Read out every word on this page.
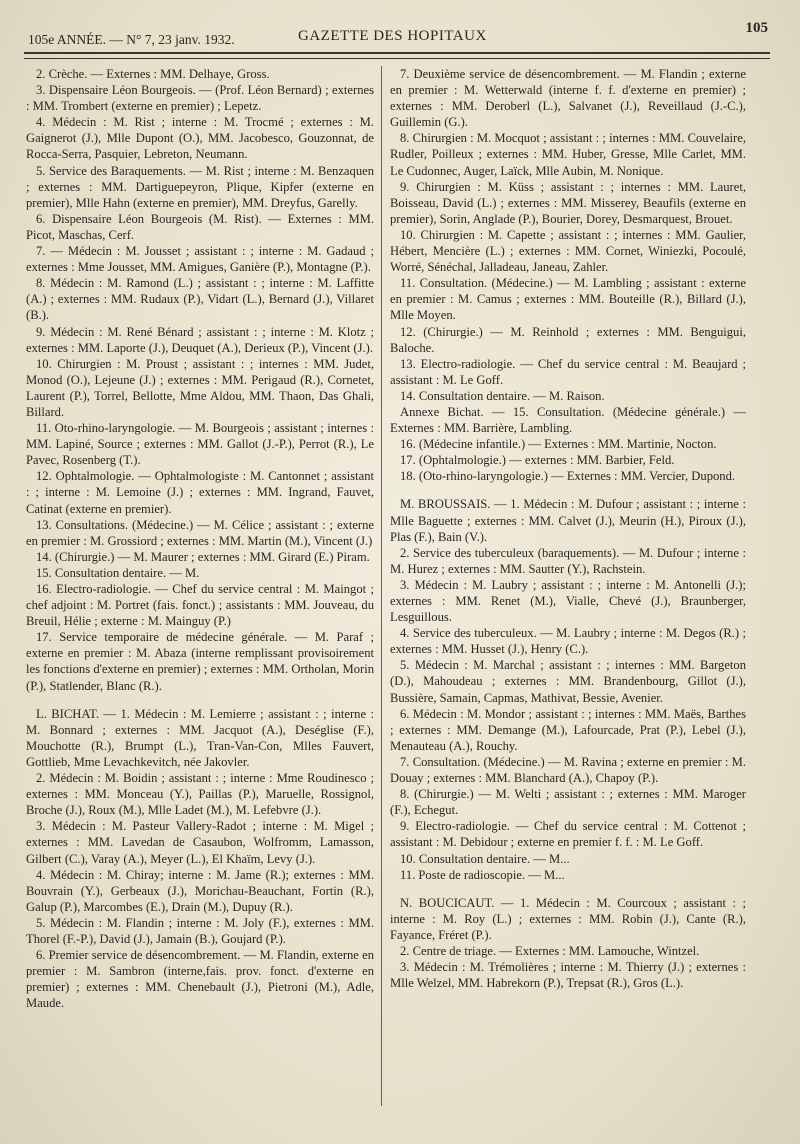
105e ANNÉE. — N° 7, 23 janv. 1932.	GAZETTE DES HOPITAUX	105

2. Crèche. — Externes : MM. Delhaye, Gross.

3. Dispensaire Léon Bourgeois. — (Prof. Léon Bernard) ; externes : MM. Trombert (externe en premier) ; Lepetz.

4. Médecin : M. Rist ; interne : M. Trocmé ; externes : M. Gaignerot (J.), Mlle Dupont (O.), MM. Jacobesco, Gouzonnat, de Rocca-Serra, Pasquier, Lebreton, Neumann.

5. Service des Baraquements. — M. Rist ; interne : M. Benzaquen ; externes : MM. Dartiguepeyron, Plique, Kipfer (externe en premier), Mlle Hahn (externe en premier), MM. Dreyfus, Garelly.

6. Dispensaire Léon Bourgeois (M. Rist). — Externes : MM. Picot, Maschas, Cerf.

7. — Médecin : M. Jousset ; assistant : ; interne : M. Gadaud ; externes : Mme Jousset, MM. Amigues, Ganière (P.), Montagne (P.).

8. Médecin : M. Ramond (L.) ; assistant : ; interne : M. Laffitte (A.) ; externes : MM. Rudaux (P.), Vidart (L.), Bernard (J.), Villaret (B.).

9. Médecin : M. René Bénard ; assistant : ; interne : M. Klotz ; externes : MM. Laporte (J.), Deuquet (A.), Derieux (P.), Vincent (J.).

10. Chirurgien : M. Proust ; assistant : ; internes : MM. Judet, Monod (O.), Lejeune (J.) ; externes : MM. Perigaud (R.), Cornetet, Laurent (P.), Torrel, Bellotte, Mme Aldou, MM. Thaon, Das Ghali, Billard.

11. Oto-rhino-laryngologie. — M. Bourgeois ; assistant ; internes : MM. Lapiné, Source ; externes : MM. Gallot (J.-P.), Perrot (R.), Le Pavec, Rosenberg (T.).

12. Ophtalmologie. — Ophtalmologiste : M. Cantonnet ; assistant : ; interne : M. Lemoine (J.) ; externes : MM. Ingrand, Fauvet, Catinat (externe en premier).

13. Consultations. (Médecine.) — M. Célice ; assistant : ; externe en premier : M. Grossiord ; externes : MM. Martin (M.), Vincent (J.)

14. (Chirurgie.) — M. Maurer ; externes : MM. Girard (E.) Piram.

15. Consultation dentaire. — M.

16. Electro-radiologie. — Chef du service central : M. Maingot ; chef adjoint : M. Portret (fais. fonct.) ; assistants : MM. Jouveau, du Breuil, Hélie ; externe : M. Mainguy (P.)

17. Service temporaire de médecine générale. — M. Paraf ; externe en premier : M. Abaza (interne remplissant provisoirement les fonctions d'externe en premier) ; externes : MM. Ortholan, Morin (P.), Statlender, Blanc (R.).

L. BICHAT. — 1. Médecin : M. Lemierre ; assistant : ; interne : M. Bonnard ; externes : MM. Jacquot (A.), Deséglise (F.), Mouchotte (R.), Brumpt (L.), Tran-Van-Con, Mlles Fauvert, Gottlieb, Mme Levachkevitch, née Jakovler.

2. Médecin : M. Boidin ; assistant : ; interne : Mme Roudinesco ; externes : MM. Monceau (Y.), Paillas (P.), Maruelle, Rossignol, Broche (J.), Roux (M.), Mlle Ladet (M.), M. Lefebvre (J.).

3. Médecin : M. Pasteur Vallery-Radot ; interne : M. Migel ; externes : MM. Lavedan de Casaubon, Wolfromm, Lamasson, Gilbert (C.), Varay (A.), Meyer (L.), El Khaïm, Levy (J.).

4. Médecin : M. Chiray; interne : M. Jame (R.); externes : MM. Bouvrain (Y.), Gerbeaux (J.), Morichau-Beauchant, Fortin (R.), Galup (P.), Marcombes (E.), Drain (M.), Dupuy (R.).

5. Médecin : M. Flandin ; interne : M. Joly (F.), externes : MM. Thorel (F.-P.), David (J.), Jamain (B.), Goujard (P.).

6. Premier service de désencombrement. — M. Flandin, externe en premier : M. Sambron (interne,fais. prov. fonct. d'externe en premier) ; externes : MM. Chenebault (J.), Pietroni (M.), Adle, Maude.

7. Deuxième service de désencombrement. — M. Flandin ; externe en premier : M. Wetterwald (interne f. f. d'externe en premier) ; externes : MM. Deroberl (L.), Salvanet (J.), Reveillaud (J.-C.), Guillemin (G.).

8. Chirurgien : M. Mocquot ; assistant : ; internes : MM. Couvelaire, Rudler, Poilleux ; externes : MM. Huber, Gresse, Mlle Carlet, MM. Le Cudonnec, Auger, Laïck, Mlle Aubin, M. Nonique.

9. Chirurgien : M. Küss ; assistant : ; internes : MM. Lauret, Boisseau, David (L.) ; externes : MM. Misserey, Beaufils (externe en premier), Sorin, Anglade (P.), Bourier, Dorey, Desmarquest, Brouet.

10. Chirurgien : M. Capette ; assistant : ; internes : MM. Gaulier, Hébert, Mencière (L.) ; externes : MM. Cornet, Winiezki, Pocoulé, Worré, Sénéchal, Jalladeau, Janeau, Zahler.

11. Consultation. (Médecine.) — M. Lambling ; assistant : externe en premier : M. Camus ; externes : MM. Bouteille (R.), Billard (J.), Mlle Moyen.

12. (Chirurgie.) — M. Reinhold ; externes : MM. Benguigui, Baloche.

13. Electro-radiologie. — Chef du service central : M. Beaujard ; assistant : M. Le Goff.

14. Consultation dentaire. — M. Raison.

Annexe Bichat. — 15. Consultation. (Médecine générale.) — Externes : MM. Barrière, Lambling.

16. (Médecine infantile.) — Externes : MM. Martinie, Nocton.

17. (Ophtalmologie.) — externes : MM. Barbier, Feld.

18. (Oto-rhino-laryngologie.) — Externes : MM. Vercier, Dupond.

M. BROUSSAIS. — 1. Médecin : M. Dufour ; assistant : ; interne : Mlle Baguette ; externes : MM. Calvet (J.), Meurin (H.), Piroux (J.), Plas (F.), Bain (V.).

2. Service des tuberculeux (baraquements). — M. Dufour ; interne : M. Hurez ; externes : MM. Sautter (Y.), Rachstein.

3. Médecin : M. Laubry ; assistant : ; interne : M. Antonelli (J.); externes : MM. Renet (M.), Vialle, Chevé (J.), Braunberger, Lesguillous.

4. Service des tuberculeux. — M. Laubry ; interne : M. Degos (R.) ; externes : MM. Husset (J.), Henry (C.).

5. Médecin : M. Marchal ; assistant : ; internes : MM. Bargeton (D.), Mahoudeau ; externes : MM. Brandenbourg, Gillot (J.), Bussière, Samain, Capmas, Mathivat, Bessie, Avenier.

6. Médecin : M. Mondor ; assistant : ; internes : MM. Maës, Barthes ; externes : MM. Demange (M.), Lafourcade, Prat (P.), Lebel (J.), Menauteau (A.), Rouchy.

7. Consultation. (Médecine.) — M. Ravina ; externe en premier : M. Douay ; externes : MM. Blanchard (A.), Chapoy (P.).

8. (Chirurgie.) — M. Welti ; assistant : ; externes : MM. Maroger (F.), Echegut.

9. Electro-radiologie. — Chef du service central : M. Cottenot ; assistant : M. Debidour ; externe en premier f. f. : M. Le Goff.

10. Consultation dentaire. — M...

11. Poste de radioscopie. — M...

N. BOUCICAUT. — 1. Médecin : M. Courcoux ; assistant : ; interne : M. Roy (L.) ; externes : MM. Robin (J.), Cante (R.), Fayance, Fréret (P.).

2. Centre de triage. — Externes : MM. Lamouche, Wintzel.

3. Médecin : M. Trémolières ; interne : M. Thierry (J.) ; externes : Mlle Welzel, MM. Habrekorn (P.), Trepsat (R.), Gros (L.).
